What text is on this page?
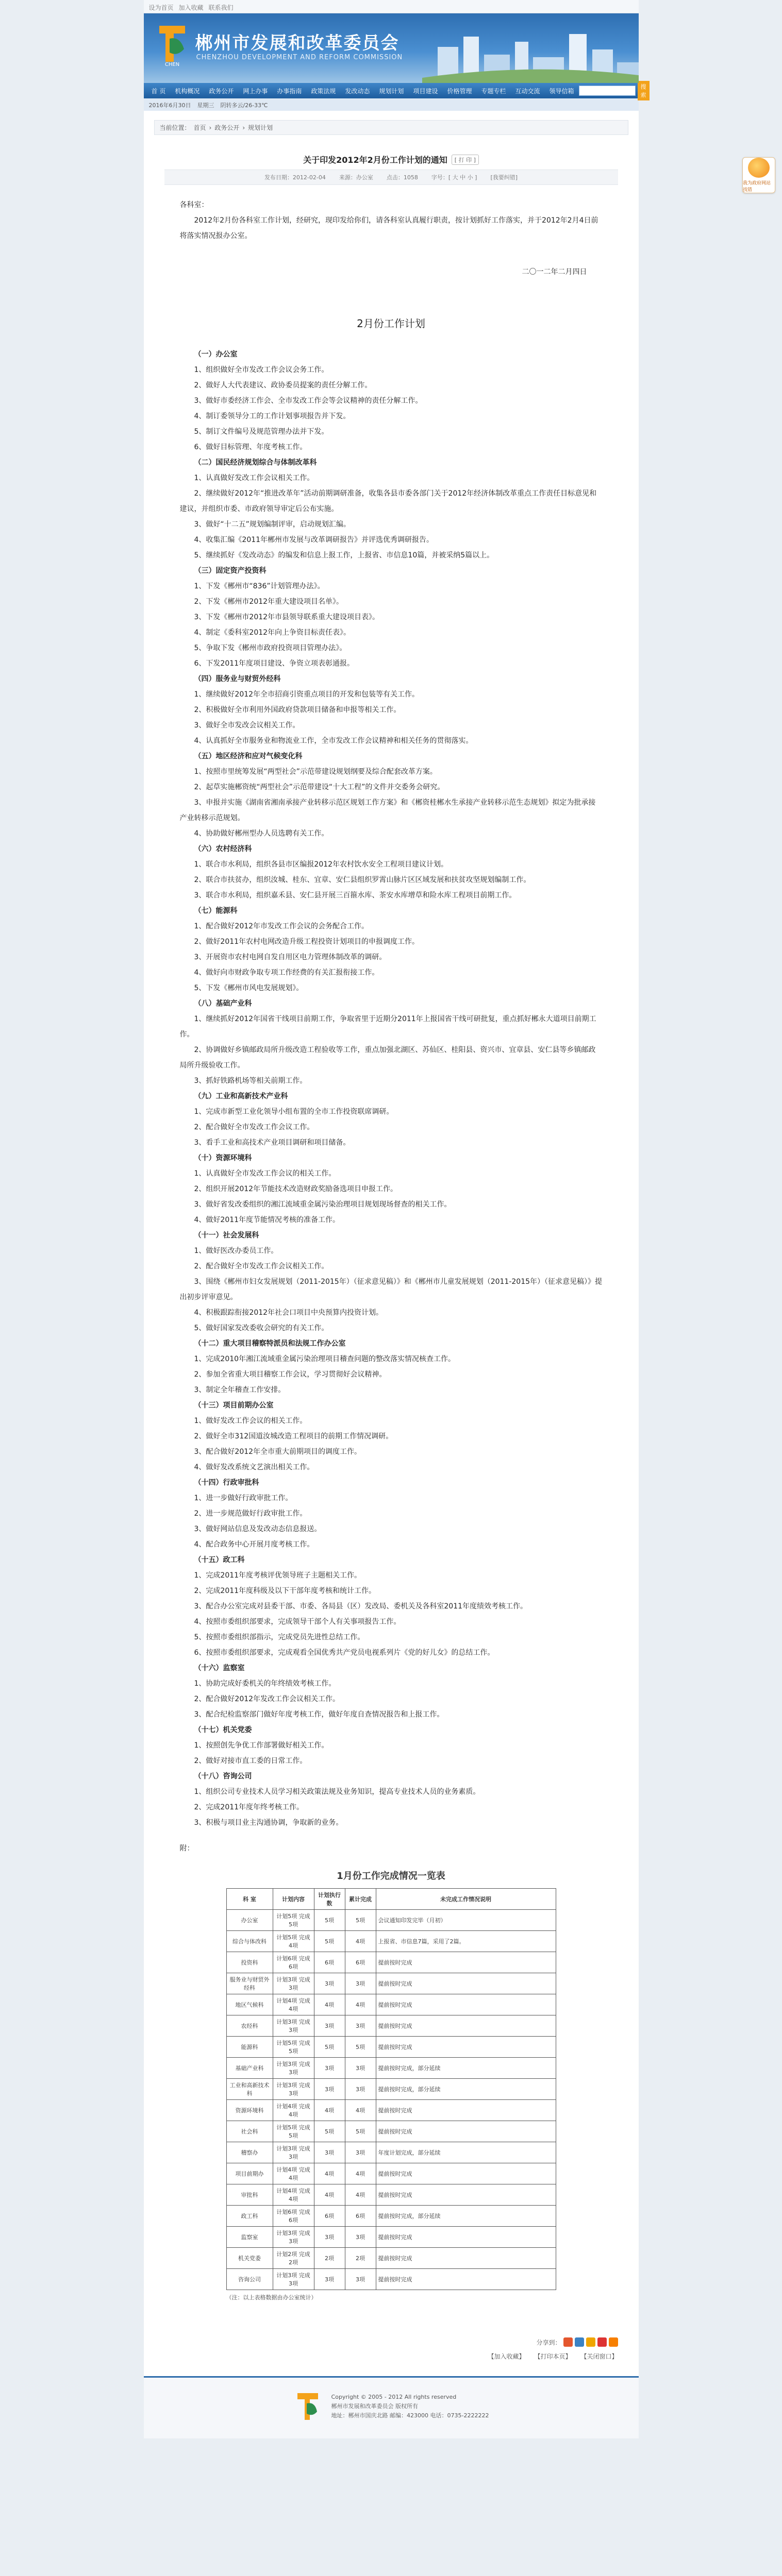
设为首页 加入收藏 联系我们
CHEN
郴州市发展和改革委员会
CHENZHOU DEVELOPMENT AND REFORM COMMISSION
首 页	机构概况	政务公开	网上办事	办事指南	政策法规	发改动态	规划计划	项目建设	价格管理	专题专栏	互动交流	领导信箱
搜 索
2016年6月30日 星期三 阴转多云/26-33℃
当前位置： 首页 › 政务公开 › 规划计划
关于印发2012年2月份工作计划的通知	[ 打 印 ]
发布日期：2012-02-04 来源：办公室 点击：1058 字号：[ 大 中 小 ] [我要纠错]

各科室：

2012年2月份各科室工作计划，经研究，现印发给你们，请各科室认真履行职责，按计划抓好工作落实，并于2012年2月4日前将落实情况报办公室。

二〇一二年二月四日
2月份工作计划

（一）办公室

1、组织做好全市发改工作会议会务工作。

2、做好人大代表建议、政协委员提案的责任分解工作。

3、做好市委经济工作会、全市发改工作会等会议精神的责任分解工作。

4、制订委领导分工的工作计划事项报告并下发。

5、制订文件编号及规范管理办法并下发。

6、做好目标管理、年度考核工作。

（二）国民经济规划综合与体制改革科

1、认真做好发改工作会议相关工作。

2、继续做好2012年“推进改革年”活动前期调研准备，收集各县市委各部门关于2012年经济体制改革重点工作责任目标意见和建议，并组织市委、市政府领导审定后公布实施。

3、做好“十二五”规划编制评审，启动规划汇编。

4、收集汇编《2011年郴州市发展与改革调研报告》并评选优秀调研报告。

5、继续抓好《发改动态》的编发和信息上报工作，上报省、市信息10篇，并被采纳5篇以上。

（三）固定资产投资科

1、下发《郴州市“836”计划管理办法》。

2、下发《郴州市2012年重大建设项目名单》。

3、下发《郴州市2012年市县领导联系重大建设项目表》。

4、制定《委科室2012年向上争资目标责任表》。

5、争取下发《郴州市政府投资项目管理办法》。

6、下发2011年度项目建设、争资立项表彰通报。

（四）服务业与财贸外经科

1、继续做好2012年全市招商引资重点项目的开发和包装等有关工作。

2、积极做好全市利用外国政府贷款项目储备和申报等相关工作。

3、做好全市发改会议相关工作。

4、认真抓好全市服务业和物流业工作，全市发改工作会议精神和相关任务的贯彻落实。

（五）地区经济和应对气候变化科

1、按照市里统筹发展“两型社会”示范带建设规划纲要及综合配套改革方案。

2、起草实施郴资统“两型社会”示范带建设“十大工程”的文件并交委务会研究。

3、申报并实施《湖南省湘南承接产业转移示范区规划工作方案》和《郴资桂郴水生承接产业转移示范生态规划》拟定为批承接产业转移示范规划。

4、协助做好郴州型办人员选聘有关工作。

（六）农村经济科

1、联合市水利局，组织各县市区编报2012年农村饮水安全工程项目建议计划。

2、联合市扶贫办，组织汝城、桂东、宜章、安仁县组织罗霄山脉片区区域发展和扶贫攻坚规划编制工作。

3、联合市水利局，组织嘉禾县、安仁县开展三百箍水库、茶安水库增草和险水库工程项目前期工作。

（七）能源科

1、配合做好2012年市发改工作会议的会务配合工作。

2、做好2011年农村电网改造升级工程投资计划项目的申报调度工作。

3、开展资市农村电网自发自用区电力管理体制改革的调研。

4、做好向市财政争取专项工作经费的有关汇报衔接工作。

5、下发《郴州市风电发展规划》。

（八）基础产业科

1、继续抓好2012年国省干线项目前期工作，争取省里于近期分2011年上报国省干线可研批复，重点抓好郴永大道项目前期工作。

2、协调做好乡镇邮政局所升级改造工程验收等工作，重点加强北湖区、苏仙区、桂阳县、资兴市、宜章县、安仁县等乡镇邮政局所升级验收工作。

3、抓好铁路机场等相关前期工作。

（九）工业和高新技术产业科

1、完成市新型工业化领导小组布置的全市工作投资联席调研。

2、配合做好全市发改工作会议工作。

3、看手工业和高技术产业项目调研和项目储备。

（十）资源环境科

1、认真做好全市发改工作会议的相关工作。

2、组织开展2012年节能技术改造财政奖励备选项目申报工作。

3、做好省发改委组织的湘江流域重金属污染治理项目规划现场督查的相关工作。

4、做好2011年度节能情况考核的准备工作。

（十一）社会发展科

1、做好医改办委员工作。

2、配合做好全市发改工作会议相关工作。

3、围绕《郴州市妇女发展规划（2011-2015年）（征求意见稿）》和《郴州市儿童发展规划（2011-2015年）（征求意见稿）》提出初步评审意见。

4、积极跟踪衔接2012年社会口项目中央预算内投资计划。

5、做好国家发改委收会研究的有关工作。

（十二）重大项目稽察特派员和法规工作办公室

1、完成2010年湘江流域重金属污染治理项目稽查问题的整改落实情况核查工作。

2、参加全省重大项目稽察工作会议，学习贯彻好会议精神。

3、制定全年稽查工作安排。

（十三）项目前期办公室

1、做好发改工作会议的相关工作。

2、做好全市312国道汝城改造工程项目的前期工作情况调研。

3、配合做好2012年全市重大前期项目的调度工作。

4、做好发改系统文艺演出相关工作。

（十四）行政审批科

1、进一步做好行政审批工作。

2、进一步规范做好行政审批工作。

3、做好网站信息及发改动态信息报送。

4、配合政务中心开展月度考核工作。

（十五）政工科

1、完成2011年度考核评优领导班子主题相关工作。

2、完成2011年度科级及以下干部年度考核和统计工作。

3、配合办公室完成对县委干部、市委、各局县（区）发改局、委机关及各科室2011年度绩效考核工作。

4、按照市委组织部要求，完成领导干部个人有关事项报告工作。

5、按照市委组织部指示，完成党员先进性总结工作。

6、按照市委组织部要求，完成观看全国优秀共产党员电视系列片《党的好儿女》的总结工作。

（十六）监察室

1、协助完成好委机关的年终绩效考核工作。

2、配合做好2012年发改工作会议相关工作。

3、配合纪检监察部门做好年度考核工作，做好年度自查情况报告和上报工作。

（十七）机关党委

1、按照创先争优工作部署做好相关工作。

2、做好对接市直工委的日常工作。

（十八）咨询公司

1、组织公司专业技术人员学习相关政策法规及业务知识，提高专业技术人员的业务素质。

2、完成2011年度年终考核工作。

3、积极与项目业主沟通协调，争取新的业务。

附：

1月份工作完成情况一览表
科 室	计划内容	计划执行数	累计完成	未完成工作情况说明
办公室	计划5项 完成5项	5项	5项	会议通知印发完毕（月初）
综合与体改科	计划5项 完成4项	5项	4项	上报省、市信息7篇，采用了2篇。
投资科	计划6项 完成6项	6项	6项	提前按时完成
服务业与财贸外经科	计划3项 完成3项	3项	3项	提前按时完成
地区气候科	计划4项 完成4项	4项	4项	提前按时完成
农经科	计划3项 完成3项	3项	3项	提前按时完成
能源科	计划5项 完成5项	5项	5项	提前按时完成
基础产业科	计划3项 完成3项	3项	3项	提前按时完成，部分延续
工业和高新技术科	计划3项 完成3项	3项	3项	提前按时完成，部分延续
资源环境科	计划4项 完成4项	4项	4项	提前按时完成
社会科	计划5项 完成5项	5项	5项	提前按时完成
稽察办	计划3项 完成3项	3项	3项	年度计划完成，部分延续
项目前期办	计划4项 完成4项	4项	4项	提前按时完成
审批科	计划4项 完成4项	4项	4项	提前按时完成
政工科	计划6项 完成6项	6项	6项	提前按时完成，部分延续
监察室	计划3项 完成3项	3项	3项	提前按时完成
机关党委	计划2项 完成2项	2项	2项	提前按时完成
咨询公司	计划3项 完成3项	3项	3项	提前按时完成
（注：以上表格数据由办公室统计）
分享到：
【加入收藏】 【打印本页】 【关闭窗口】
Copyright © 2005 - 2012 All rights reserved
郴州市发展和改革委员会 版权所有
地址：郴州市国庆北路 邮编：423000 电话：0735-2222222
我为政府网站找错
